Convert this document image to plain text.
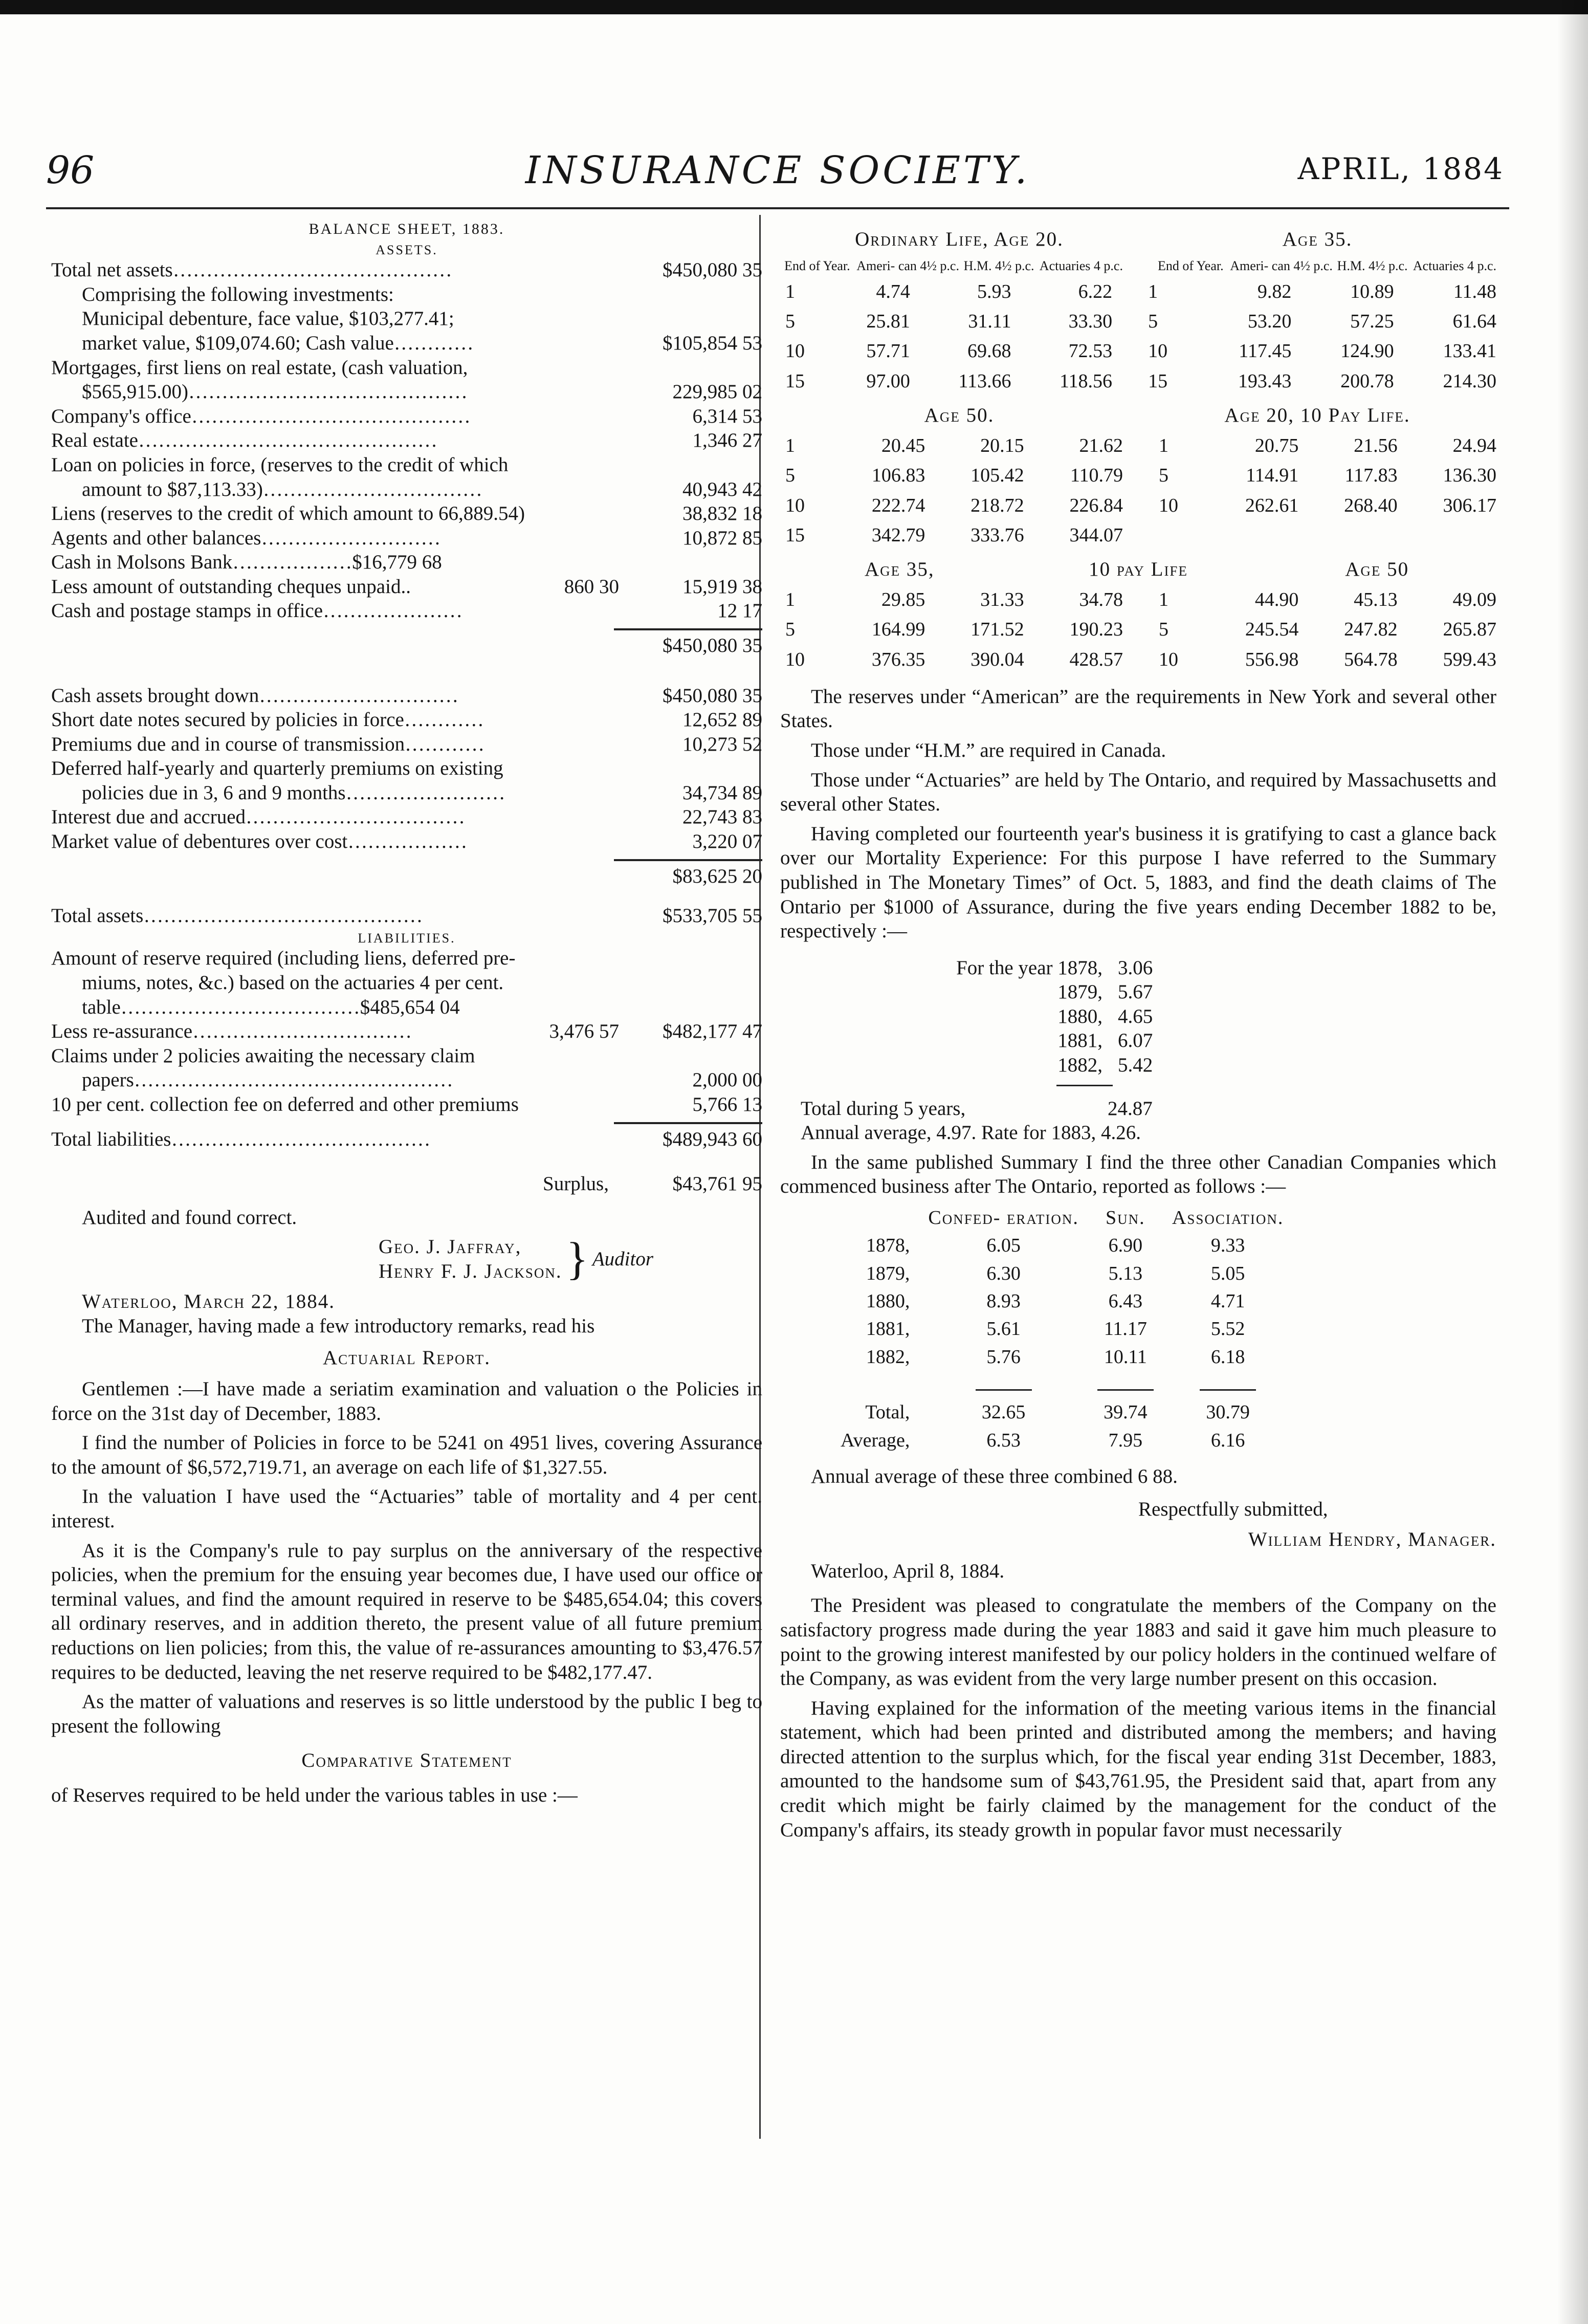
96	INSURANCE SOCIETY.	APRIL, 1884
BALANCE SHEET, 1883.
ASSETS.
Total net assets……………………………………	$450,080 35
Comprising the following investments:
Municipal debenture, face value, $103,277.41;
market value, $109,074.60; Cash value…………	$105,854 53
Mortgages, first liens on real estate, (cash valuation,
$565,915.00)……………………………………	229,985 02
Company's office……………………………………	6,314 53
Real estate………………………………………	1,346 27
Loan on policies in force, (reserves to the credit of which
amount to $87,113.33)……………………………	40,943 42
Liens (reserves to the credit of which amount to 66,889.54)	38,832 18
Agents and other balances………………………	10,872 85
Cash in Molsons Bank………………$16,779 68
Less amount of outstanding cheques unpaid..	860 30	15,919 38
Cash and postage stamps in office…………………	12 17
$450,080 35
Cash assets brought down…………………………	$450,080 35
Short date notes secured by policies in force…………	12,652 89
Premiums due and in course of transmission…………	10,273 52
Deferred half-yearly and quarterly premiums on existing
policies due in 3, 6 and 9 months……………………	34,734 89
Interest due and accrued……………………………	22,743 83
Market value of debentures over cost………………	3,220 07
$83,625 20
Total assets……………………………………	$533,705 55
LIABILITIES.
Amount of reserve required (including liens, deferred pre-
miums, notes, &c.) based on the actuaries 4 per cent.
table………………………………$485,654 04
Less re-assurance……………………………	3,476 57	$482,177 47
Claims under 2 policies awaiting the necessary claim
papers…………………………………………	2,000 00
10 per cent. collection fee on deferred and other premiums	5,766 13
Total liabilities…………………………………	$489,943 60
Surplus,	$43,761 95
Audited and found correct.
Geo. J. Jaffray,
Henry F. J. Jackson. } Auditor
Waterloo, March 22, 1884.
The Manager, having made a few introductory remarks, read his
Actuarial Report.
Gentlemen :—I have made a seriatim examination and valuation o the Policies in force on the 31st day of December, 1883.
I find the number of Policies in force to be 5241 on 4951 lives, covering Assurance to the amount of $6,572,719.71, an average on each life of $1,327.55.
In the valuation I have used the “Actuaries” table of mortality and 4 per cent. interest.
As it is the Company's rule to pay surplus on the anniversary of the respective policies, when the premium for the ensuing year becomes due, I have used our office or terminal values, and find the amount required in reserve to be $485,654.04; this covers all ordinary reserves, and in addition thereto, the present value of all future premium reductions on lien policies; from this, the value of re-assurances amounting to $3,476.57 requires to be deducted, leaving the net reserve required to be $482,177.47.
As the matter of valuations and reserves is so little understood by the public I beg to present the following
Comparative Statement
of Reserves required to be held under the various tables in use :—
Ordinary Life, Age 20.	Age 35.
End of Year.	Ameri- can 4½ p.c.	H.M. 4½ p.c.	Actuaries 4 p.c.		End of Year.	Ameri- can 4½ p.c.	H.M. 4½ p.c.	Actuaries 4 p.c.
1	4.74	5.93	6.22		1	9.82	10.89	11.48
5	25.81	31.11	33.30		5	53.20	57.25	61.64
10	57.71	69.68	72.53		10	117.45	124.90	133.41
15	97.00	113.66	118.56		15	193.43	200.78	214.30
Age 50.	Age 20, 10 Pay Life.
1	20.45	20.15	21.62		1	20.75	21.56	24.94
5	106.83	105.42	110.79		5	114.91	117.83	136.30
10	222.74	218.72	226.84		10	262.61	268.40	306.17
15	342.79	333.76	344.07					
Age 35,	10 pay Life	Age 50
1	29.85	31.33	34.78		1	44.90	45.13	49.09
5	164.99	171.52	190.23		5	245.54	247.82	265.87
10	376.35	390.04	428.57		10	556.98	564.78	599.43
The reserves under “American” are the requirements in New York and several other States.
Those under “H.M.” are required in Canada.
Those under “Actuaries” are held by The Ontario, and required by Massachusetts and several other States.
Having completed our fourteenth year's business it is gratifying to cast a glance back over our Mortality Experience: For this purpose I have referred to the Summary published in The Monetary Times” of Oct. 5, 1883, and find the death claims of The Ontario per $1000 of Assurance, during the five years ending December 1882 to be, respectively :—
For the year 1878, 3.06
1879, 5.67
1880, 4.65
1881, 6.07
1882, 5.42
Total during 5 years,	24.87
Annual average, 4.97. Rate for 1883, 4.26.
In the same published Summary I find the three other Canadian Companies which commenced business after The Ontario, reported as follows :—
	Confed- eration.	Sun.	Association.
1878,	6.05	6.90	9.33
1879,	6.30	5.13	5.05
1880,	8.93	6.43	4.71
1881,	5.61	11.17	5.52
1882,	5.76	10.11	6.18

Total,	32.65	39.74	30.79
Average,	6.53	7.95	6.16
Annual average of these three combined 6 88.
Respectfully submitted,
William Hendry, Manager.
Waterloo, April 8, 1884.
The President was pleased to congratulate the members of the Company on the satisfactory progress made during the year 1883 and said it gave him much pleasure to point to the growing interest manifested by our policy holders in the continued welfare of the Company, as was evident from the very large number present on this occasion.
Having explained for the information of the meeting various items in the financial statement, which had been printed and distributed among the members; and having directed attention to the surplus which, for the fiscal year ending 31st December, 1883, amounted to the handsome sum of $43,761.95, the President said that, apart from any credit which might be fairly claimed by the management for the conduct of the Company's affairs, its steady growth in popular favor must necessarily
